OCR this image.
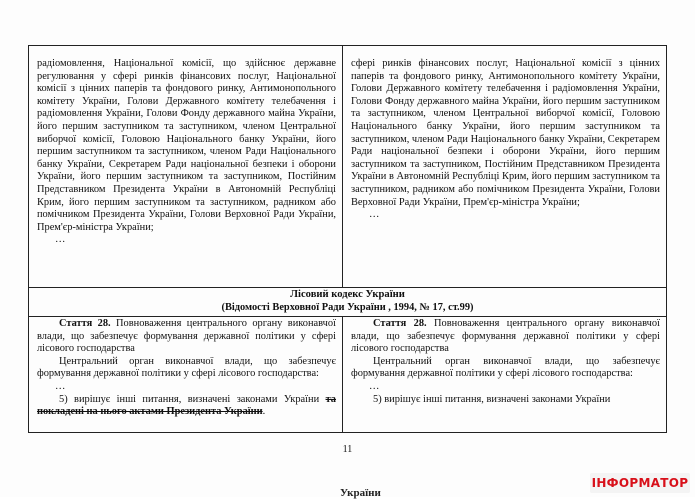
радіомовлення, Національної комісії, що здійснює державне регулювання у сфері ринків фінансових послуг, Національної комісії з цінних паперів та фондового ринку, Антимонопольного комітету України, Голови Державного комітету телебачення і радіомовлення України, Голови Фонду державного майна України, його першим заступником та заступником, членом Центральної виборчої комісії, Головою Національного банку України, його першим заступником та заступником, членом Ради Національного банку України, Секретарем Ради національної безпеки і оборони України, його першим заступником та заступником, Постійним Представником Президента України в Автономній Республіці Крим, його першим заступником та заступником, радником або помічником Президента України, Голови Верховної Ради України, Прем'єр-міністра України;

…

сфері ринків фінансових послуг, Національної комісії з цінних паперів та фондового ринку, Антимонопольного комітету України, Голови Державного комітету телебачення і радіомовлення України, Голови Фонду державного майна України, його першим заступником та заступником, членом Центральної виборчої комісії, Головою Національного банку України, його першим заступником та заступником, членом Ради Національного банку України, Секретарем Ради національної безпеки і оборони України, його першим заступником та заступником, Постійним Представником Президента України в Автономній Республіці Крим, його першим заступником та заступником, радником або помічником Президента України, Голови Верховної Ради України, Прем'єр-міністра України;

…

Лісовий кодекс України
(Відомості Верховної Ради України , 1994, № 17, ст.99)

Стаття 28. Повноваження центрального органу виконавчої влади, що забезпечує формування державної політики у сфері лісового господарства

Центральний орган виконавчої влади, що забезпечує формування державної політики у сфері лісового господарства:

…

5) вирішує інші питання, визначені законами України та покладені на нього актами Президента України.

Стаття 28. Повноваження центрального органу виконавчої влади, що забезпечує формування державної політики у сфері лісового господарства

Центральний орган виконавчої влади, що забезпечує формування державної політики у сфері лісового господарства:

…

5) вирішує інші питання, визначені законами України

11
України
ІНФОРМАТОР
